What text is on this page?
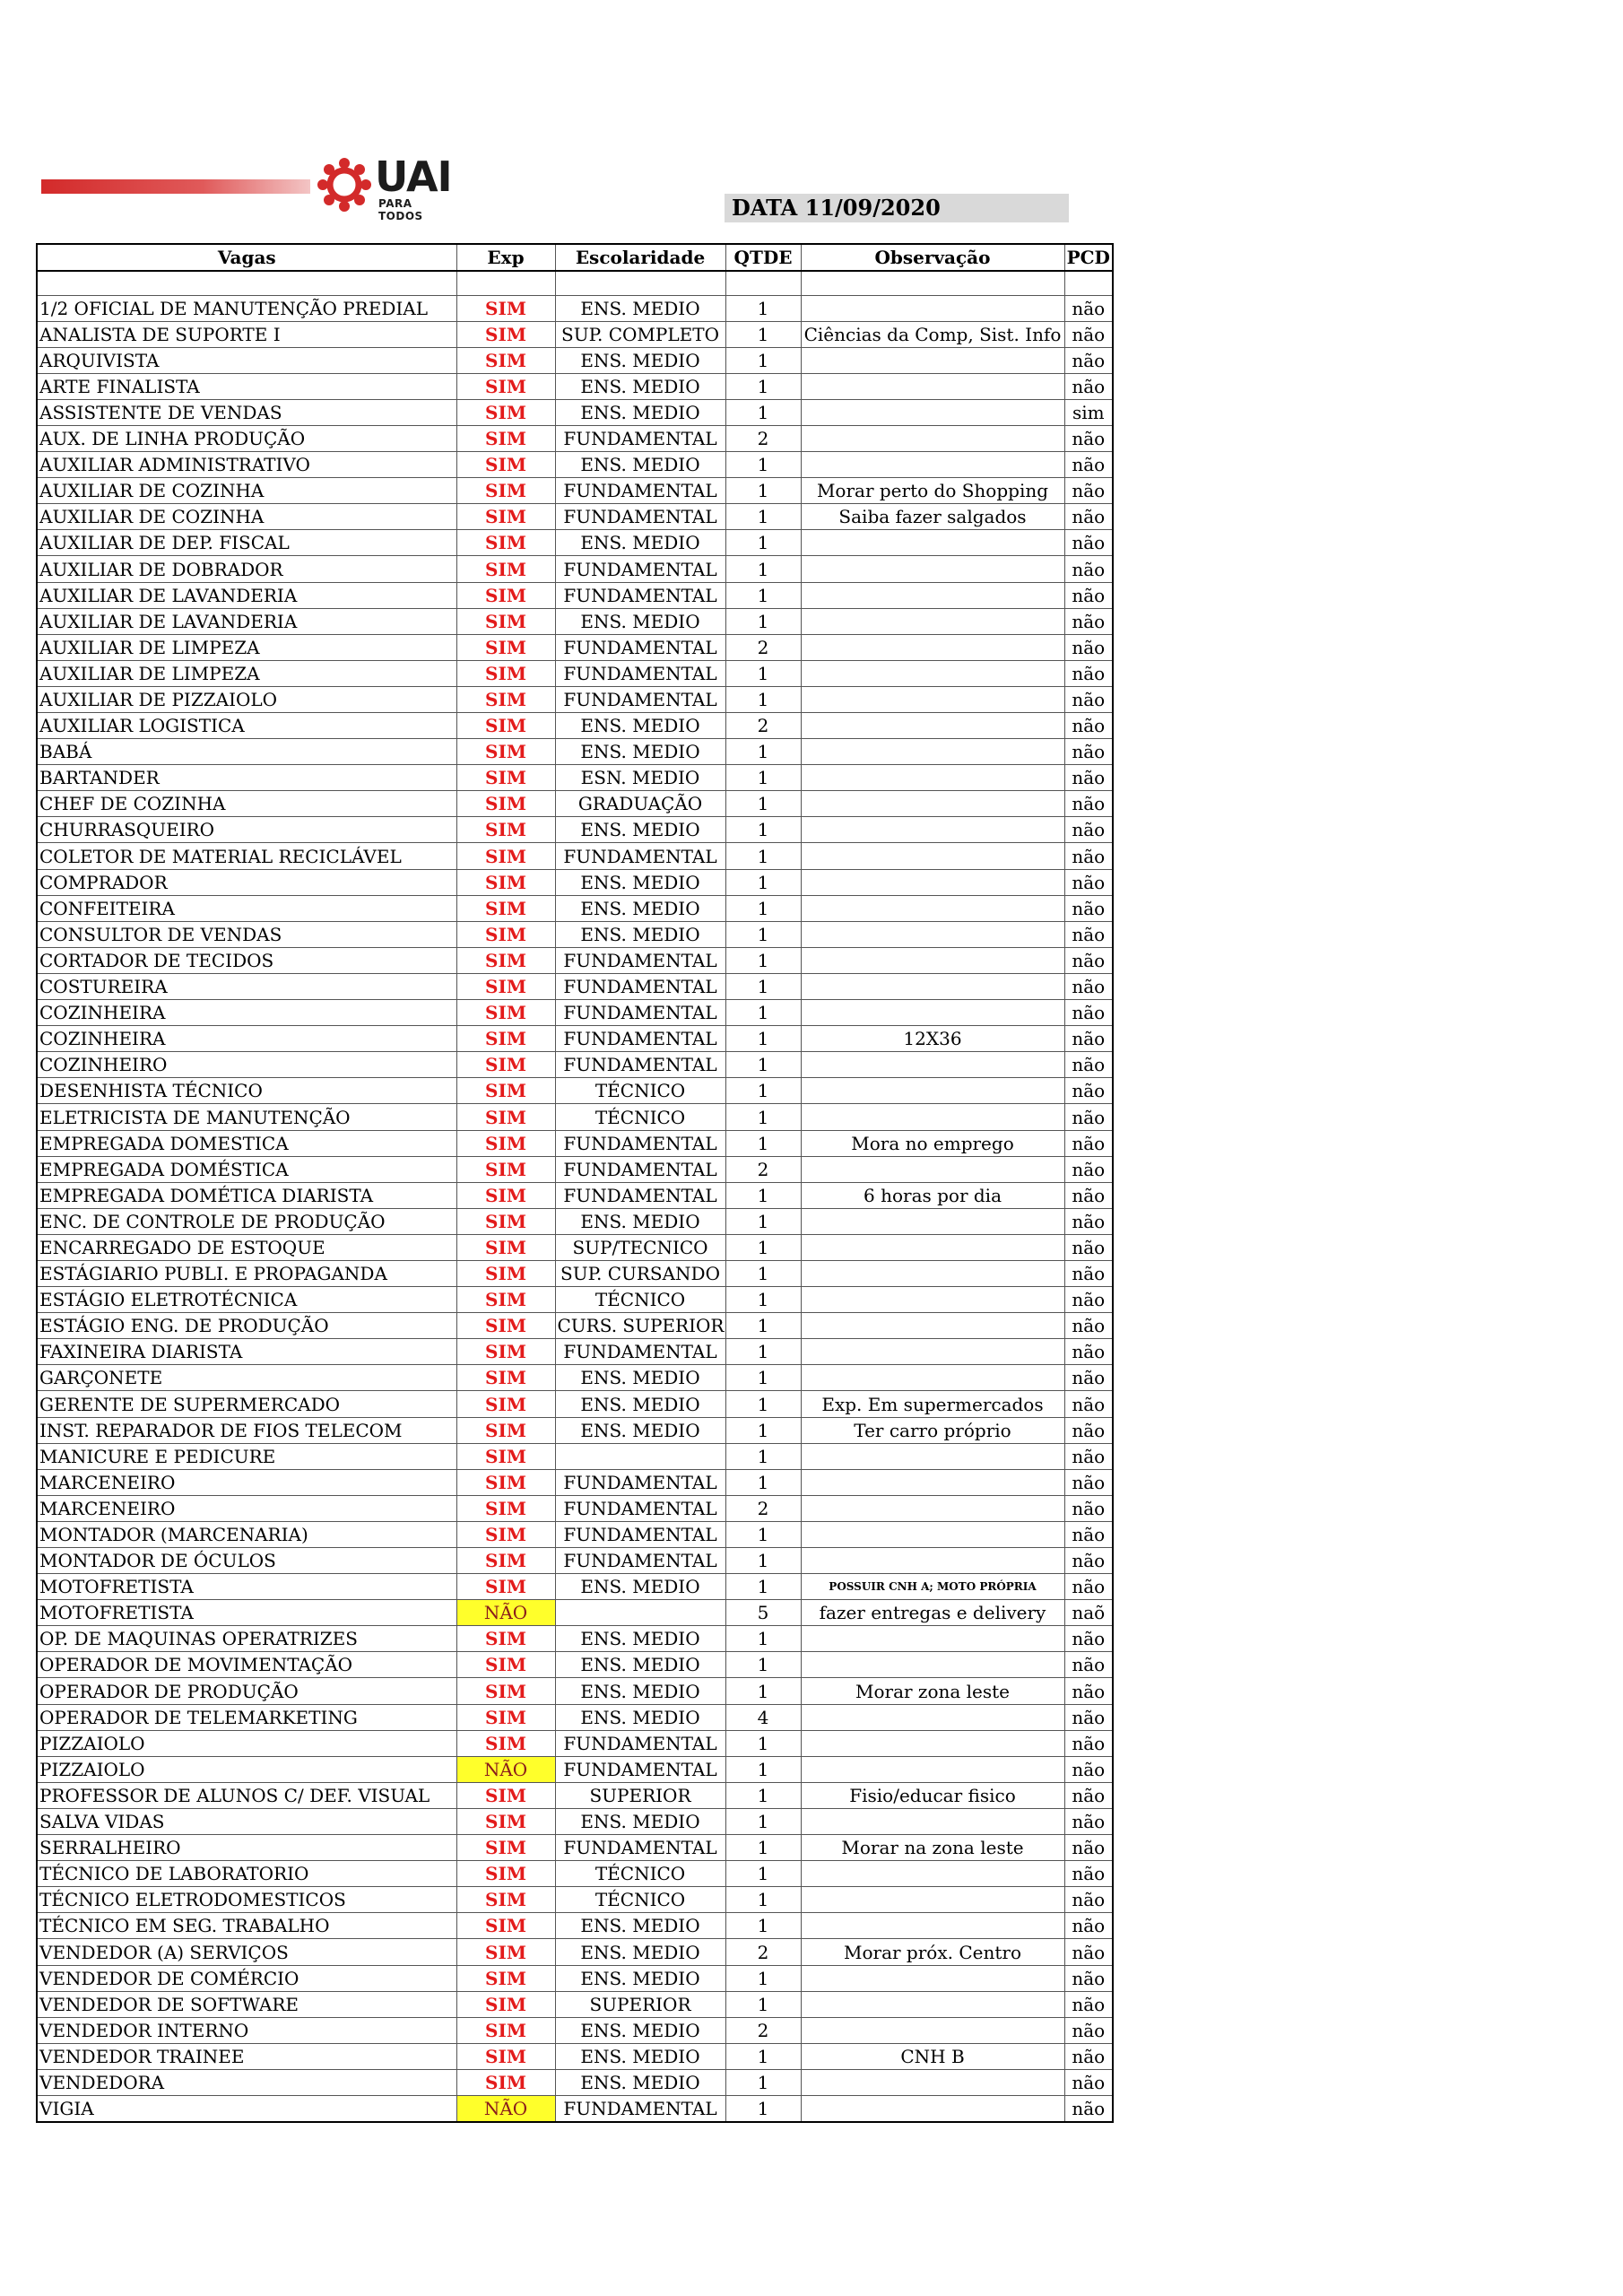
UAI
PARA TODOS	DATA 11/09/2020
Vagas	Exp	Escolaridade	QTDE	Observação	PCD

1/2 OFICIAL DE MANUTENÇÃO PREDIAL	SIM	ENS. MEDIO	1		não
ANALISTA DE SUPORTE I	SIM	SUP. COMPLETO	1	Ciências da Comp, Sist. Info	não
ARQUIVISTA	SIM	ENS. MEDIO	1		não
ARTE FINALISTA	SIM	ENS. MEDIO	1		não
ASSISTENTE DE VENDAS	SIM	ENS. MEDIO	1		sim
AUX. DE LINHA PRODUÇÃO	SIM	FUNDAMENTAL	2		não
AUXILIAR ADMINISTRATIVO	SIM	ENS. MEDIO	1		não
AUXILIAR DE COZINHA	SIM	FUNDAMENTAL	1	Morar perto do Shopping	não
AUXILIAR DE COZINHA	SIM	FUNDAMENTAL	1	Saiba fazer salgados	não
AUXILIAR DE DEP. FISCAL	SIM	ENS. MEDIO	1		não
AUXILIAR DE DOBRADOR	SIM	FUNDAMENTAL	1		não
AUXILIAR DE LAVANDERIA	SIM	FUNDAMENTAL	1		não
AUXILIAR DE LAVANDERIA	SIM	ENS. MEDIO	1		não
AUXILIAR DE LIMPEZA	SIM	FUNDAMENTAL	2		não
AUXILIAR DE LIMPEZA	SIM	FUNDAMENTAL	1		não
AUXILIAR DE PIZZAIOLO	SIM	FUNDAMENTAL	1		não
AUXILIAR LOGISTICA	SIM	ENS. MEDIO	2		não
BABÁ	SIM	ENS. MEDIO	1		não
BARTANDER	SIM	ESN. MEDIO	1		não
CHEF DE COZINHA	SIM	GRADUAÇÃO	1		não
CHURRASQUEIRO	SIM	ENS. MEDIO	1		não
COLETOR DE MATERIAL RECICLÁVEL	SIM	FUNDAMENTAL	1		não
COMPRADOR	SIM	ENS. MEDIO	1		não
CONFEITEIRA	SIM	ENS. MEDIO	1		não
CONSULTOR DE VENDAS	SIM	ENS. MEDIO	1		não
CORTADOR DE TECIDOS	SIM	FUNDAMENTAL	1		não
COSTUREIRA	SIM	FUNDAMENTAL	1		não
COZINHEIRA	SIM	FUNDAMENTAL	1		não
COZINHEIRA	SIM	FUNDAMENTAL	1	12X36	não
COZINHEIRO	SIM	FUNDAMENTAL	1		não
DESENHISTA TÉCNICO	SIM	TÉCNICO	1		não
ELETRICISTA DE MANUTENÇÃO	SIM	TÉCNICO	1		não
EMPREGADA DOMESTICA	SIM	FUNDAMENTAL	1	Mora no emprego	não
EMPREGADA DOMÉSTICA	SIM	FUNDAMENTAL	2		não
EMPREGADA DOMÉTICA DIARISTA	SIM	FUNDAMENTAL	1	6 horas por dia	não
ENC. DE CONTROLE DE PRODUÇÃO	SIM	ENS. MEDIO	1		não
ENCARREGADO DE ESTOQUE	SIM	SUP/TECNICO	1		não
ESTÁGIARIO PUBLI. E PROPAGANDA	SIM	SUP. CURSANDO	1		não
ESTÁGIO ELETROTÉCNICA	SIM	TÉCNICO	1		não
ESTÁGIO ENG. DE PRODUÇÃO	SIM	CURS. SUPERIOR	1		não
FAXINEIRA DIARISTA	SIM	FUNDAMENTAL	1		não
GARÇONETE	SIM	ENS. MEDIO	1		não
GERENTE DE SUPERMERCADO	SIM	ENS. MEDIO	1	Exp. Em supermercados	não
INST. REPARADOR DE FIOS TELECOM	SIM	ENS. MEDIO	1	Ter carro próprio	não
MANICURE E PEDICURE	SIM		1		não
MARCENEIRO	SIM	FUNDAMENTAL	1		não
MARCENEIRO	SIM	FUNDAMENTAL	2		não
MONTADOR (MARCENARIA)	SIM	FUNDAMENTAL	1		não
MONTADOR DE ÓCULOS	SIM	FUNDAMENTAL	1		não
MOTOFRETISTA	SIM	ENS. MEDIO	1	POSSUIR CNH A; MOTO PRÓPRIA	não
MOTOFRETISTA	NÃO		5	fazer entregas e delivery	naõ
OP. DE MAQUINAS OPERATRIZES	SIM	ENS. MEDIO	1		não
OPERADOR DE MOVIMENTAÇÃO	SIM	ENS. MEDIO	1		não
OPERADOR DE PRODUÇÃO	SIM	ENS. MEDIO	1	Morar zona leste	não
OPERADOR DE TELEMARKETING	SIM	ENS. MEDIO	4		não
PIZZAIOLO	SIM	FUNDAMENTAL	1		não
PIZZAIOLO	NÃO	FUNDAMENTAL	1		não
PROFESSOR DE ALUNOS C/ DEF. VISUAL	SIM	SUPERIOR	1	Fisio/educar fisico	não
SALVA VIDAS	SIM	ENS. MEDIO	1		não
SERRALHEIRO	SIM	FUNDAMENTAL	1	Morar na zona leste	não
TÉCNICO DE LABORATORIO	SIM	TÉCNICO	1		não
TÉCNICO ELETRODOMESTICOS	SIM	TÉCNICO	1		não
TÉCNICO EM SEG. TRABALHO	SIM	ENS. MEDIO	1		não
VENDEDOR (A) SERVIÇOS	SIM	ENS. MEDIO	2	Morar próx. Centro	não
VENDEDOR DE COMÉRCIO	SIM	ENS. MEDIO	1		não
VENDEDOR DE SOFTWARE	SIM	SUPERIOR	1		não
VENDEDOR INTERNO	SIM	ENS. MEDIO	2		não
VENDEDOR TRAINEE	SIM	ENS. MEDIO	1	CNH B	não
VENDEDORA	SIM	ENS. MEDIO	1		não
VIGIA	NÃO	FUNDAMENTAL	1		não
